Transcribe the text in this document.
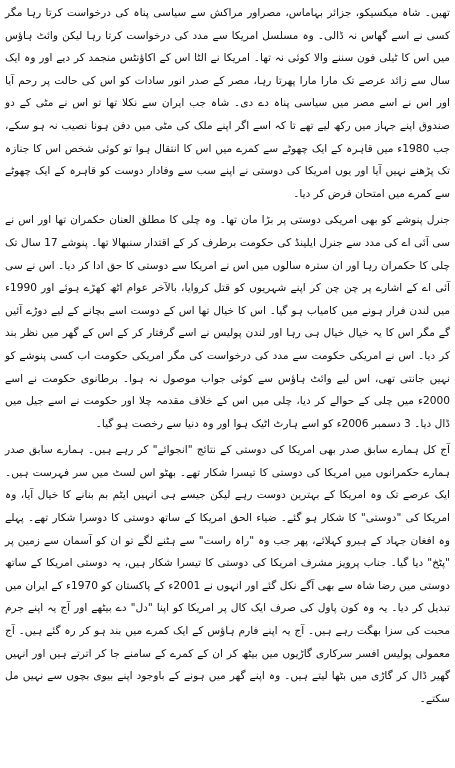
تھیں۔ شاہ میکسیکو، جزائر بہاماس، مصراور مراکش سے سیاسی پناہ کی درخواست کرتا رہا مگر کسی نے اسے گھاس نہ ڈالی۔ وہ مسلسل امریکا سے مدد کی درخواست کرتا رہا لیکن وائٹ ہاؤس میں اس کا ٹیلی فون سننے والا کوئی نہ تھا۔ امریکا نے الٹا اس کے اکاؤنٹس منجمد کر دیے اور وہ ایک سال سے زائد عرصے تک مارا مارا پھرتا رہا، مصر کے صدر انور سادات کو اس کی حالت پر رحم آیا اور اس نے اسے مصر میں سیاسی پناہ دے دی۔ شاہ جب ایران سے نکلا تھا تو اس نے مٹی کے دو صندوق اپنے جہاز میں رکھ لیے تھے تا کہ اسے اگر اپنے ملک کی مٹی میں دفن ہونا نصیب نہ ہو سکے، جب 1980ء میں قاہرہ کے ایک چھوٹے سے کمرے میں اس کا انتقال ہوا تو کوئی شخص اس کا جنازہ تک پڑھنے نہیں آیا اور یوں امریکا کی دوستی نے اپنے سب سے وفادار دوست کو قاہرہ کے ایک چھوٹے سے کمرے میں امتحان فرض کر دیا۔

جنرل پنوشے کو بھی امریکی دوستی پر بڑا مان تھا۔ وہ چلی کا مطلق العنان حکمران تھا اور اس نے سی آئی اے کی مدد سے جنرل ایلینڈ کی حکومت برطرف کر کے اقتدار سنبھالا تھا۔ پنوشے 17 سال تک چلی کا حکمران رہا اور ان سترہ سالوں میں اس نے امریکا سے دوستی کا حق ادا کر دیا۔ اس نے سی آئی اے کے اشارے پر چن چن کر اپنے شہریوں کو قتل کروایا، بالآخر عوام اٹھ کھڑے ہوئے اور 1990ء میں لندن فرار ہونے میں کامیاب ہو گیا۔ اس کا خیال تھا اس کے دوست اسے بچانے کے لیے دوڑے آئیں گے مگر اس کا یہ خیال خیال ہی رہا اور لندن پولیس نے اسے گرفتار کر کے اس کے گھر میں نظر بند کر دیا۔ اس نے امریکی حکومت سے مدد کی درخواست کی مگر امریکی حکومت اب کسی پنوشے کو نہیں جانتی تھی، اس لیے وائٹ ہاؤس سے کوئی جواب موصول نہ ہوا۔ برطانوی حکومت نے اسے 2000ء میں چلی کے حوالے کر دیا، چلی میں اس کے خلاف مقدمہ چلا اور حکومت نے اسے جیل میں ڈال دیا۔ 3 دسمبر 2006ء کو اسے ہارٹ اٹیک ہوا اور وہ دنیا سے رخصت ہو گیا۔

آج کل ہمارے سابق صدر بھی امریکا کی دوستی کے نتائج "انجوائے" کر رہے ہیں۔ ہمارے سابق صدر ہمارے حکمرانوں میں امریکا کی دوستی کا تیسرا شکار تھے۔ بھٹو اس لسٹ میں سر فہرست ہیں۔ ایک عرصے تک وہ امریکا کے بہترین دوست رہے لیکن جیسے ہی انہیں ایٹم بم بنانے کا خیال آیا، وہ امریکا کی "دوستی" کا شکار ہو گئے۔ ضیاء الحق امریکا کے ساتھ دوستی کا دوسرا شکار تھے۔ پہلے وہ افغان جہاد کے ہیرو کہلائے، پھر جب وہ "راہ راست" سے ہٹنے لگے تو ان کو آسمان سے زمین پر "پٹخ" دیا گیا۔ جناب پرویز مشرف امریکا کی دوستی کا تیسرا شکار ہیں، یہ دوستی امریکا کے ساتھ دوستی میں رضا شاہ سے بھی آگے نکل گئے اور انہوں نے 2001ء کے پاکستان کو 1970ء کے ایران میں تبدیل کر دیا۔ یہ وہ کون پاول کی صرف ایک کال پر امریکا کو اپنا "دل" دے بیٹھے اور آج یہ اپنے جرم محبت کی سزا بھگت رہے ہیں۔ آج یہ اپنے فارم ہاؤس کے ایک کمرے میں بند ہو کر رہ گئے ہیں۔ آج معمولی پولیس افسر سرکاری گاڑیوں میں بیٹھ کر ان کے کمرے کے سامنے جا کر اترتے ہیں اور انہیں گھیر ڈال کر گاڑی میں بٹھا لیتے ہیں۔ وہ اپنے گھر میں ہونے کے باوجود اپنے بیوی بچوں سے نہیں مل سکتے۔
